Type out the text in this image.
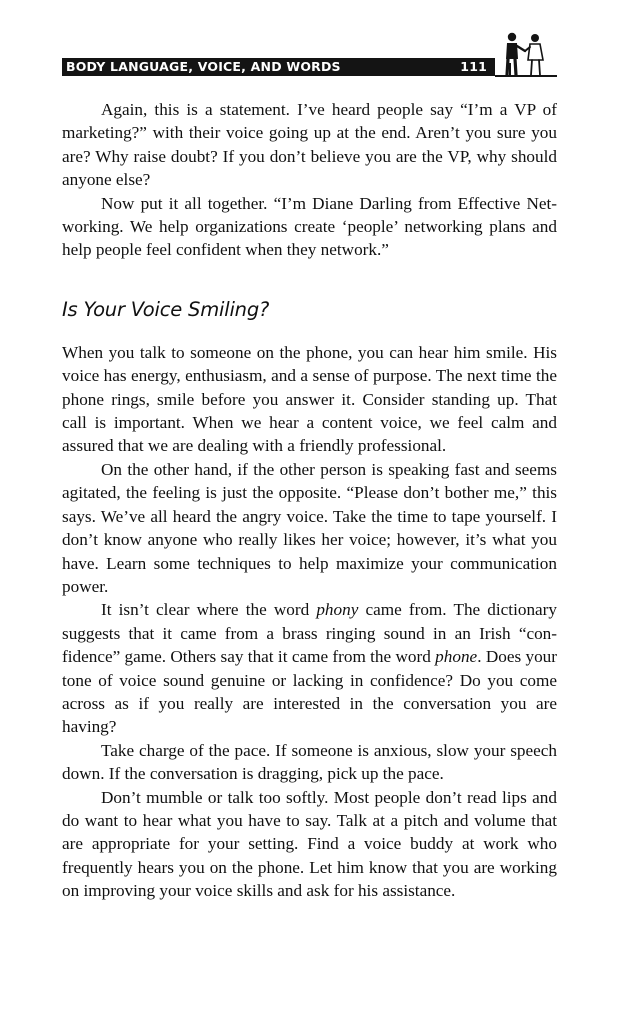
BODY LANGUAGE, VOICE, AND WORDS	111

Again, this is a statement. I’ve heard people say “I’m a VP of marketing?” with their voice going up at the end. Aren’t you sure you are? Why raise doubt? If you don’t believe you are the VP, why should anyone else?

Now put it all together. “I’m Diane Darling from Effective Networking. We help organizations create ‘people’ networking plans and help people feel confident when they network.”

Is Your Voice Smiling?

When you talk to someone on the phone, you can hear him smile. His voice has energy, enthusiasm, and a sense of purpose. The next time the phone rings, smile before you answer it. Consider standing up. That call is important. When we hear a content voice, we feel calm and assured that we are dealing with a friendly professional.

On the other hand, if the other person is speaking fast and seems agitated, the feeling is just the opposite. “Please don’t bother me,” this says. We’ve all heard the angry voice. Take the time to tape yourself. I don’t know anyone who really likes her voice; however, it’s what you have. Learn some techniques to help maximize your communication power.

It isn’t clear where the word phony came from. The dictionary suggests that it came from a brass ringing sound in an Irish “confidence” game. Others say that it came from the word phone. Does your tone of voice sound genuine or lacking in confidence? Do you come across as if you really are interested in the conversation you are having?

Take charge of the pace. If someone is anxious, slow your speech down. If the conversation is dragging, pick up the pace.

Don’t mumble or talk too softly. Most people don’t read lips and do want to hear what you have to say. Talk at a pitch and volume that are appropriate for your setting. Find a voice buddy at work who frequently hears you on the phone. Let him know that you are working on improving your voice skills and ask for his assistance.
